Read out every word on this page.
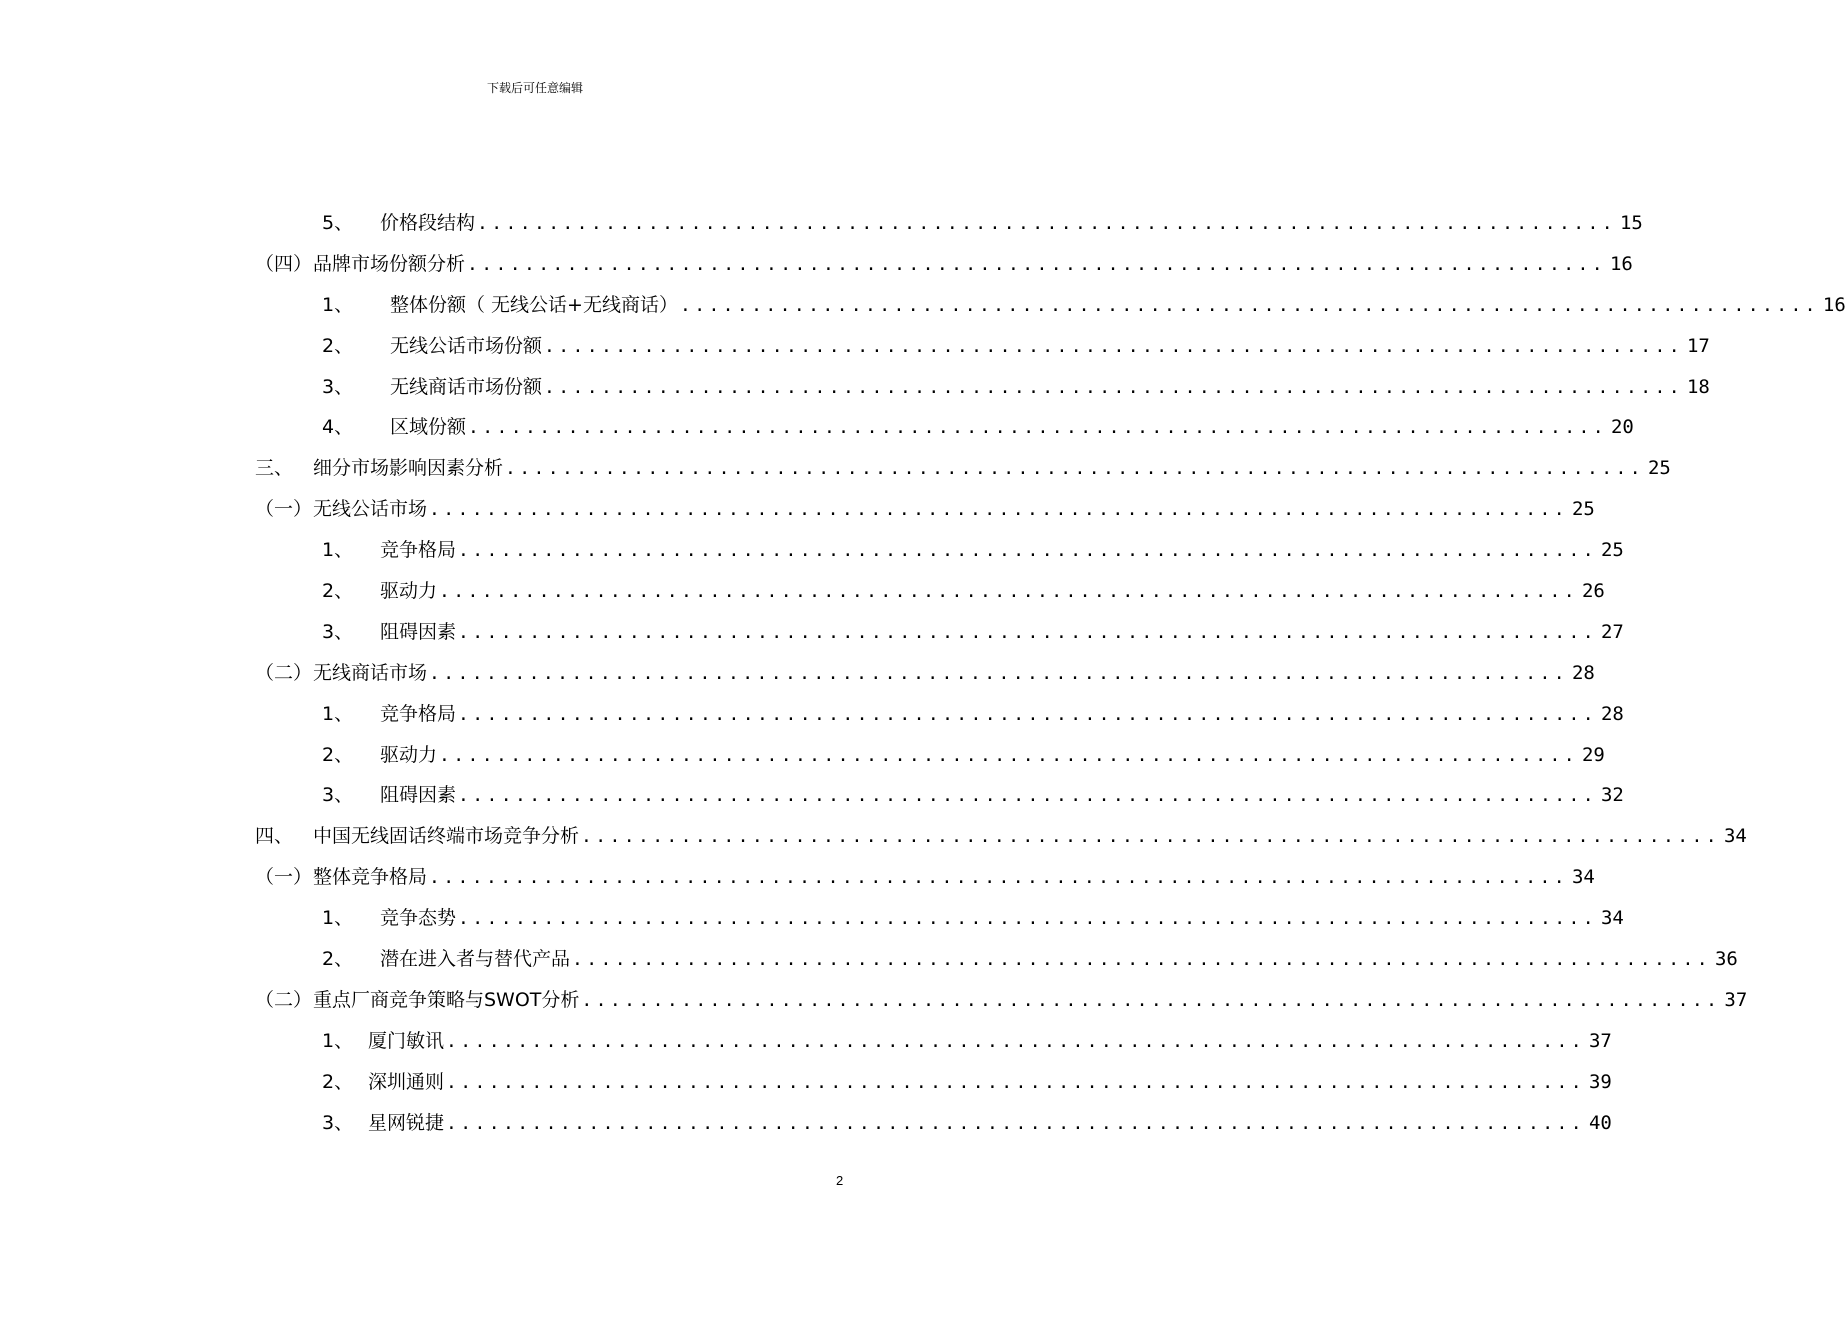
下载后可任意编辑
5、 价格段结构 ................................................................................ 15
（四） 品牌市场份额分析 ................................................................................ 16
1、 整体份额（ 无线公话+无线商话） ................................................................................ 16
2、 无线公话市场份额 ................................................................................ 17
3、 无线商话市场份额 ................................................................................ 18
4、 区域份额 ................................................................................ 20
三、 细分市场影响因素分析 ................................................................................ 25
（一） 无线公话市场 ................................................................................ 25
1、 竞争格局 ................................................................................ 25
2、 驱动力 ................................................................................ 26
3、 阻碍因素 ................................................................................ 27
（二） 无线商话市场 ................................................................................ 28
1、 竞争格局 ................................................................................ 28
2、 驱动力 ................................................................................ 29
3、 阻碍因素 ................................................................................ 32
四、 中国无线固话终端市场竞争分析 ................................................................................ 34
（一） 整体竞争格局 ................................................................................ 34
1、 竞争态势 ................................................................................ 34
2、 潜在进入者与替代产品 ................................................................................ 36
（二） 重点厂商竞争策略与SWOT分析 ................................................................................ 37
1、 厦门敏讯 ................................................................................ 37
2、 深圳通则 ................................................................................ 39
3、 星网锐捷 ................................................................................ 40
2
